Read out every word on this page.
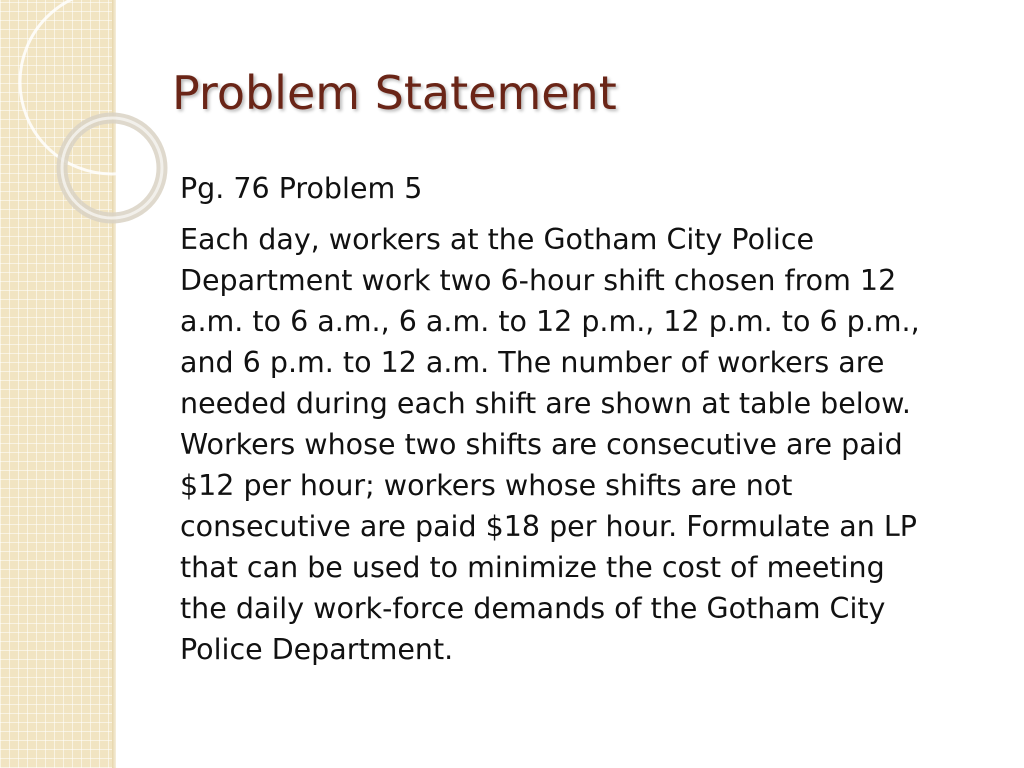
Problem Statement

Pg. 76 Problem 5

Each day, workers at the Gotham City Police
Department work two 6-hour shift chosen from 12
a.m. to 6 a.m., 6 a.m. to 12 p.m., 12 p.m. to 6 p.m.,
and 6 p.m. to 12 a.m. The number of workers are
needed during each shift are shown at table below.
Workers whose two shifts are consecutive are paid
$12 per hour; workers whose shifts are not
consecutive are paid $18 per hour. Formulate an LP
that can be used to minimize the cost of meeting
the daily work-force demands of the Gotham City
Police Department.
